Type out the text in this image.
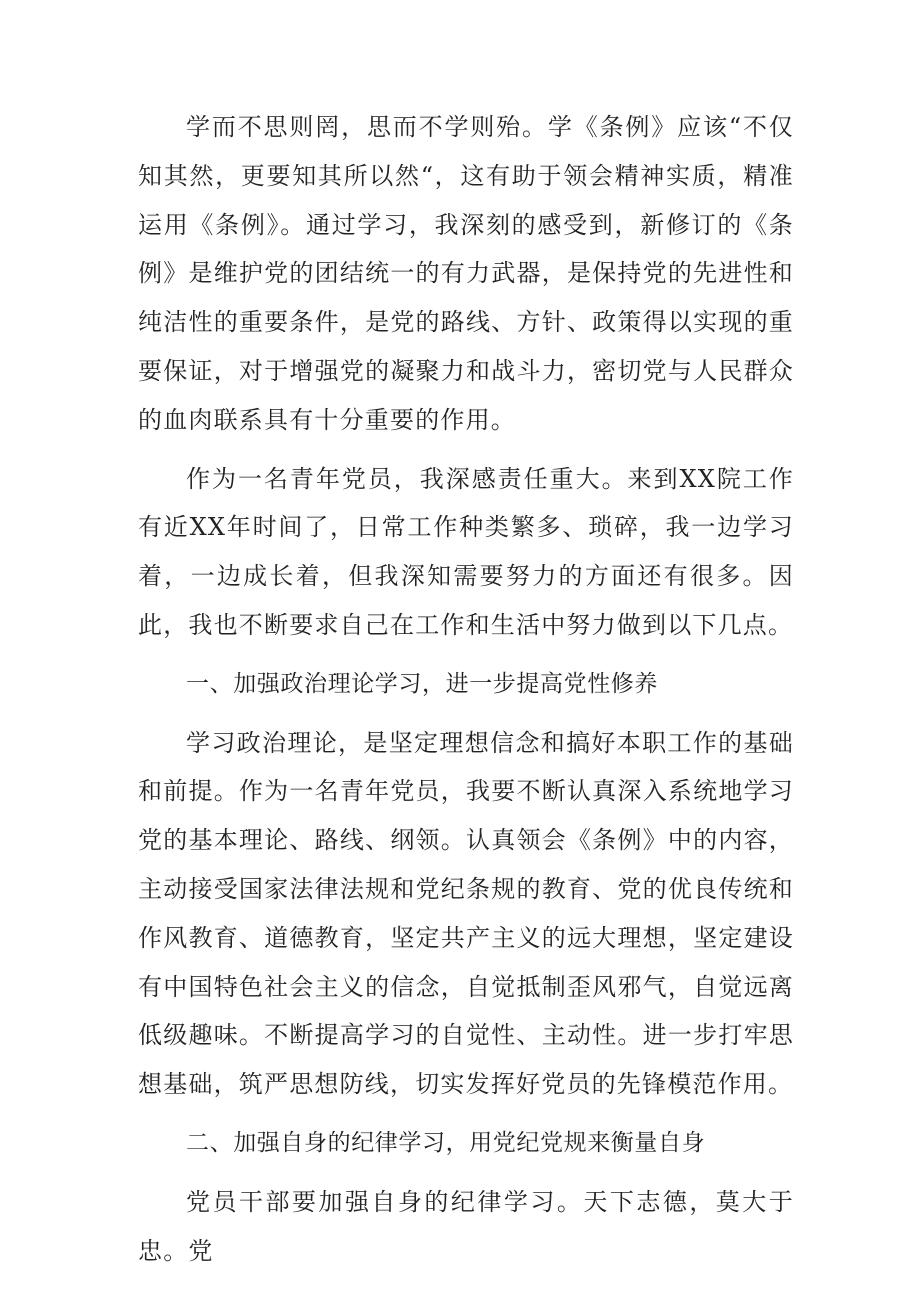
学而不思则罔，思而不学则殆。学《条例》应该“不仅知其然，更要知其所以然“，这有助于领会精神实质，精准运用《条例》。通过学习，我深刻的感受到，新修订的《条例》是维护党的团结统一的有力武器，是保持党的先进性和纯洁性的重要条件，是党的路线、方针、政策得以实现的重要保证，对于增强党的凝聚力和战斗力，密切党与人民群众的血肉联系具有十分重要的作用。

作为一名青年党员，我深感责任重大。来到XX院工作有近XX年时间了，日常工作种类繁多、琐碎，我一边学习着，一边成长着，但我深知需要努力的方面还有很多。因此，我也不断要求自己在工作和生活中努力做到以下几点。

一、加强政治理论学习，进一步提高党性修养

学习政治理论，是坚定理想信念和搞好本职工作的基础和前提。作为一名青年党员，我要不断认真深入系统地学习党的基本理论、路线、纲领。认真领会《条例》中的内容，主动接受国家法律法规和党纪条规的教育、党的优良传统和作风教育、道德教育，坚定共产主义的远大理想，坚定建设有中国特色社会主义的信念，自觉抵制歪风邪气，自觉远离低级趣味。不断提高学习的自觉性、主动性。进一步打牢思想基础，筑严思想防线，切实发挥好党员的先锋模范作用。

二、加强自身的纪律学习，用党纪党规来衡量自身

党员干部要加强自身的纪律学习。天下志德，莫大于忠。党
